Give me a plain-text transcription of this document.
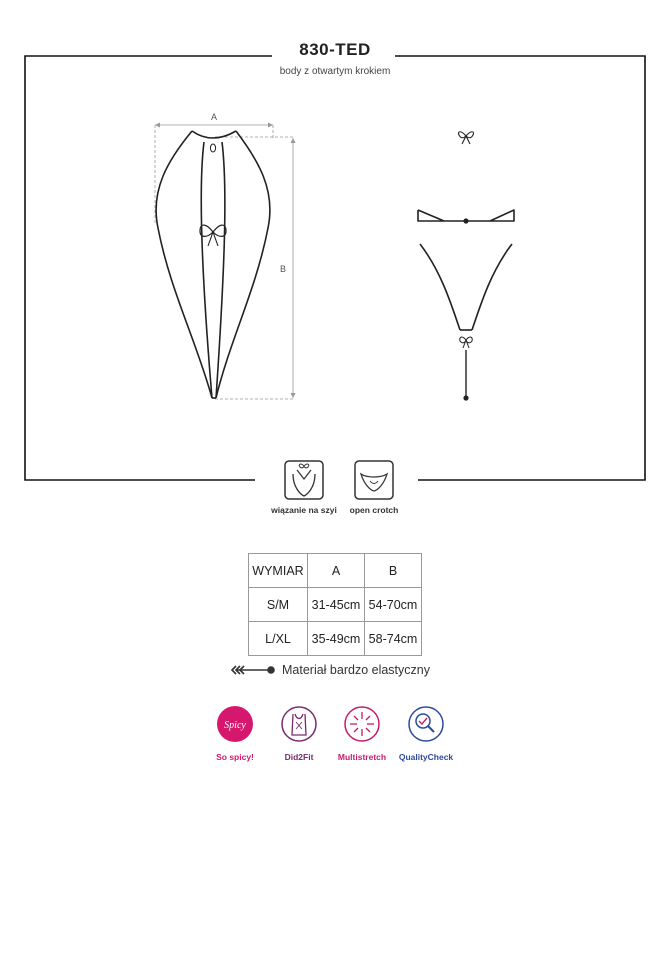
A
B
Spicy
830-TED
body z otwartym krokiem
wiązanie na szyi	open crotch
WYMIAR	A	B
S/M	31-45cm	54-70cm
L/XL	35-49cm	58-74cm
Materiał bardzo elastyczny
So spicy!	Did2Fit	Multistretch	QualityCheck
